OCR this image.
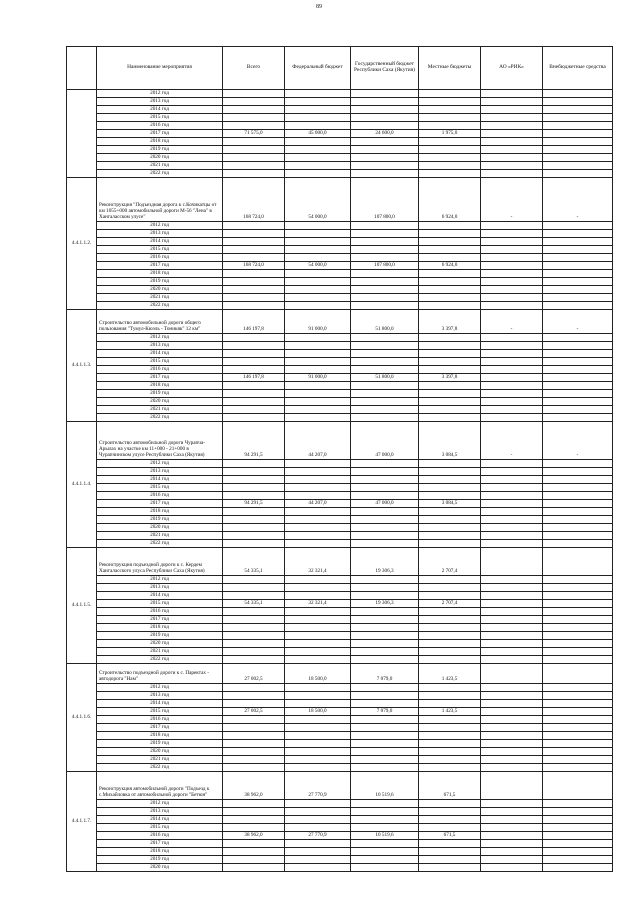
89
	Наименование мероприятия	Всего	Федеральный бюджет	Государственный бюджет Республики Саха (Якутия)	Местные бюджеты	АО «РИК»	Внебюджетные средства
	2012 год						
	2013 год						
	2014 год						
	2015 год						
	2016 год						
	2017 год	71 575,0	45 000,0	24 600,0	1 975,0		
	2018 год						
	2019 год						
	2020 год						
	2021 год						
	2022 год						
4.4.1.1.2.	Реконструкция "Подъездная дорога к с.Кочикатцы от км 1055+000 автомобильной дороги М-56 "Лена" в Хангаласском улусе"	168 724,0	54 000,0	107 800,0	6 924,0	-	-
	2012 год						
	2013 год						
	2014 год						
	2015 год						
	2016 год						
	2017 год	168 724,0	54 000,0	107 800,0	6 924,0		
	2018 год						
	2019 год						
	2020 год						
	2021 год						
	2022 год						
4.4.1.1.3.	Строительство автомобильной дороги общего пользования "Тумул-Кюэль - Тоникяк" 12 км"	146 197,8	91 000,0	51 800,0	3 397,8	-	-
	2012 год						
	2013 год						
	2014 год						
	2015 год						
	2016 год						
	2017 год	146 197,8	91 000,0	51 800,0	3 397,8		
	2018 год						
	2019 год						
	2020 год						
	2021 год						
	2022 год						
4.4.1.1.4.	Строительство автомобильной дороги Чурапча-Арылах на участке км 11+000 - 21+000 в Чурапчинском улусе Республики Саха (Якутия)	94 291,5	44 207,0	47 000,0	3 084,5	-	-
	2012 год						
	2013 год						
	2014 год						
	2015 год						
	2016 год						
	2017 год	94 291,5	44 207,0	47 000,0	3 084,5		
	2018 год						
	2019 год						
	2020 год						
	2021 год						
	2022 год						
4.4.1.1.5.	Реконструкция подъездной дороги к с. Кердем Хангаласского улуса Республики Саха (Якутия)	54 335,1	32 321,4	19 306,3	2 707,4		
	2012 год						
	2013 год						
	2014 год						
	2015 год	54 335,1	32 321,4	19 306,3	2 707,4		
	2016 год						
	2017 год						
	2018 год						
	2019 год						
	2020 год						
	2021 год						
	2022 год						
4.4.1.1.6.	Строительство подъездной дороги к с. Паректах - автодорога "Нам"	27 002,5	18 500,0	7 079,0	1 423,5		
	2012 год						
	2013 год						
	2014 год						
	2015 год	27 002,5	18 500,0	7 079,0	1 423,5		
	2016 год						
	2017 год						
	2018 год						
	2019 год						
	2020 год						
	2021 год						
	2022 год						
4.4.1.1.7.	Реконструкция автомобильной дороги "Подъезд к с.Михайловка от автомобильной дороги "Бетюн"	38 962,0	27 770,9	10 519,6	671,5		
	2012 год						
	2013 год						
	2014 год						
	2015 год						
	2016 год	38 962,0	27 770,9	10 519,6	671,5		
	2017 год						
	2018 год						
	2019 год						
	2020 год						
